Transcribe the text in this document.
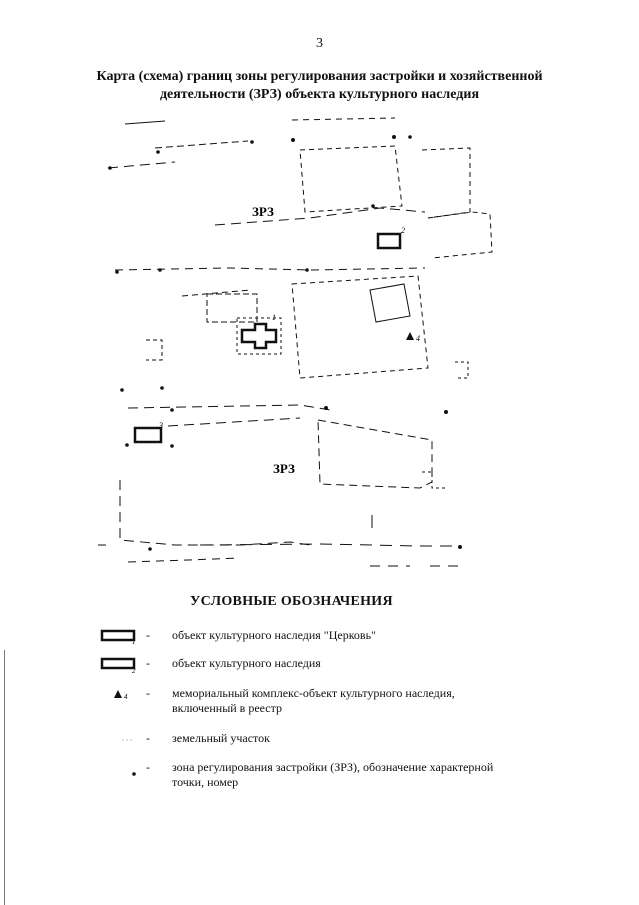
3
Карта (схема) границ зоны регулирования застройки и хозяйственной
деятельности (ЗРЗ) объекта культурного наследия
ЗРЗ
ЗРЗ
1
2
3
4
УСЛОВНЫЕ ОБОЗНАЧЕНИЯ
1 - объект культурного наследия "Церковь"
2
- объект культурного наследия
4 - мемориальный комплекс-объект культурного наследия, включенный в реестр
- земельный участок
- зона регулирования застройки (ЗРЗ), обозначение характерной точки, номер
